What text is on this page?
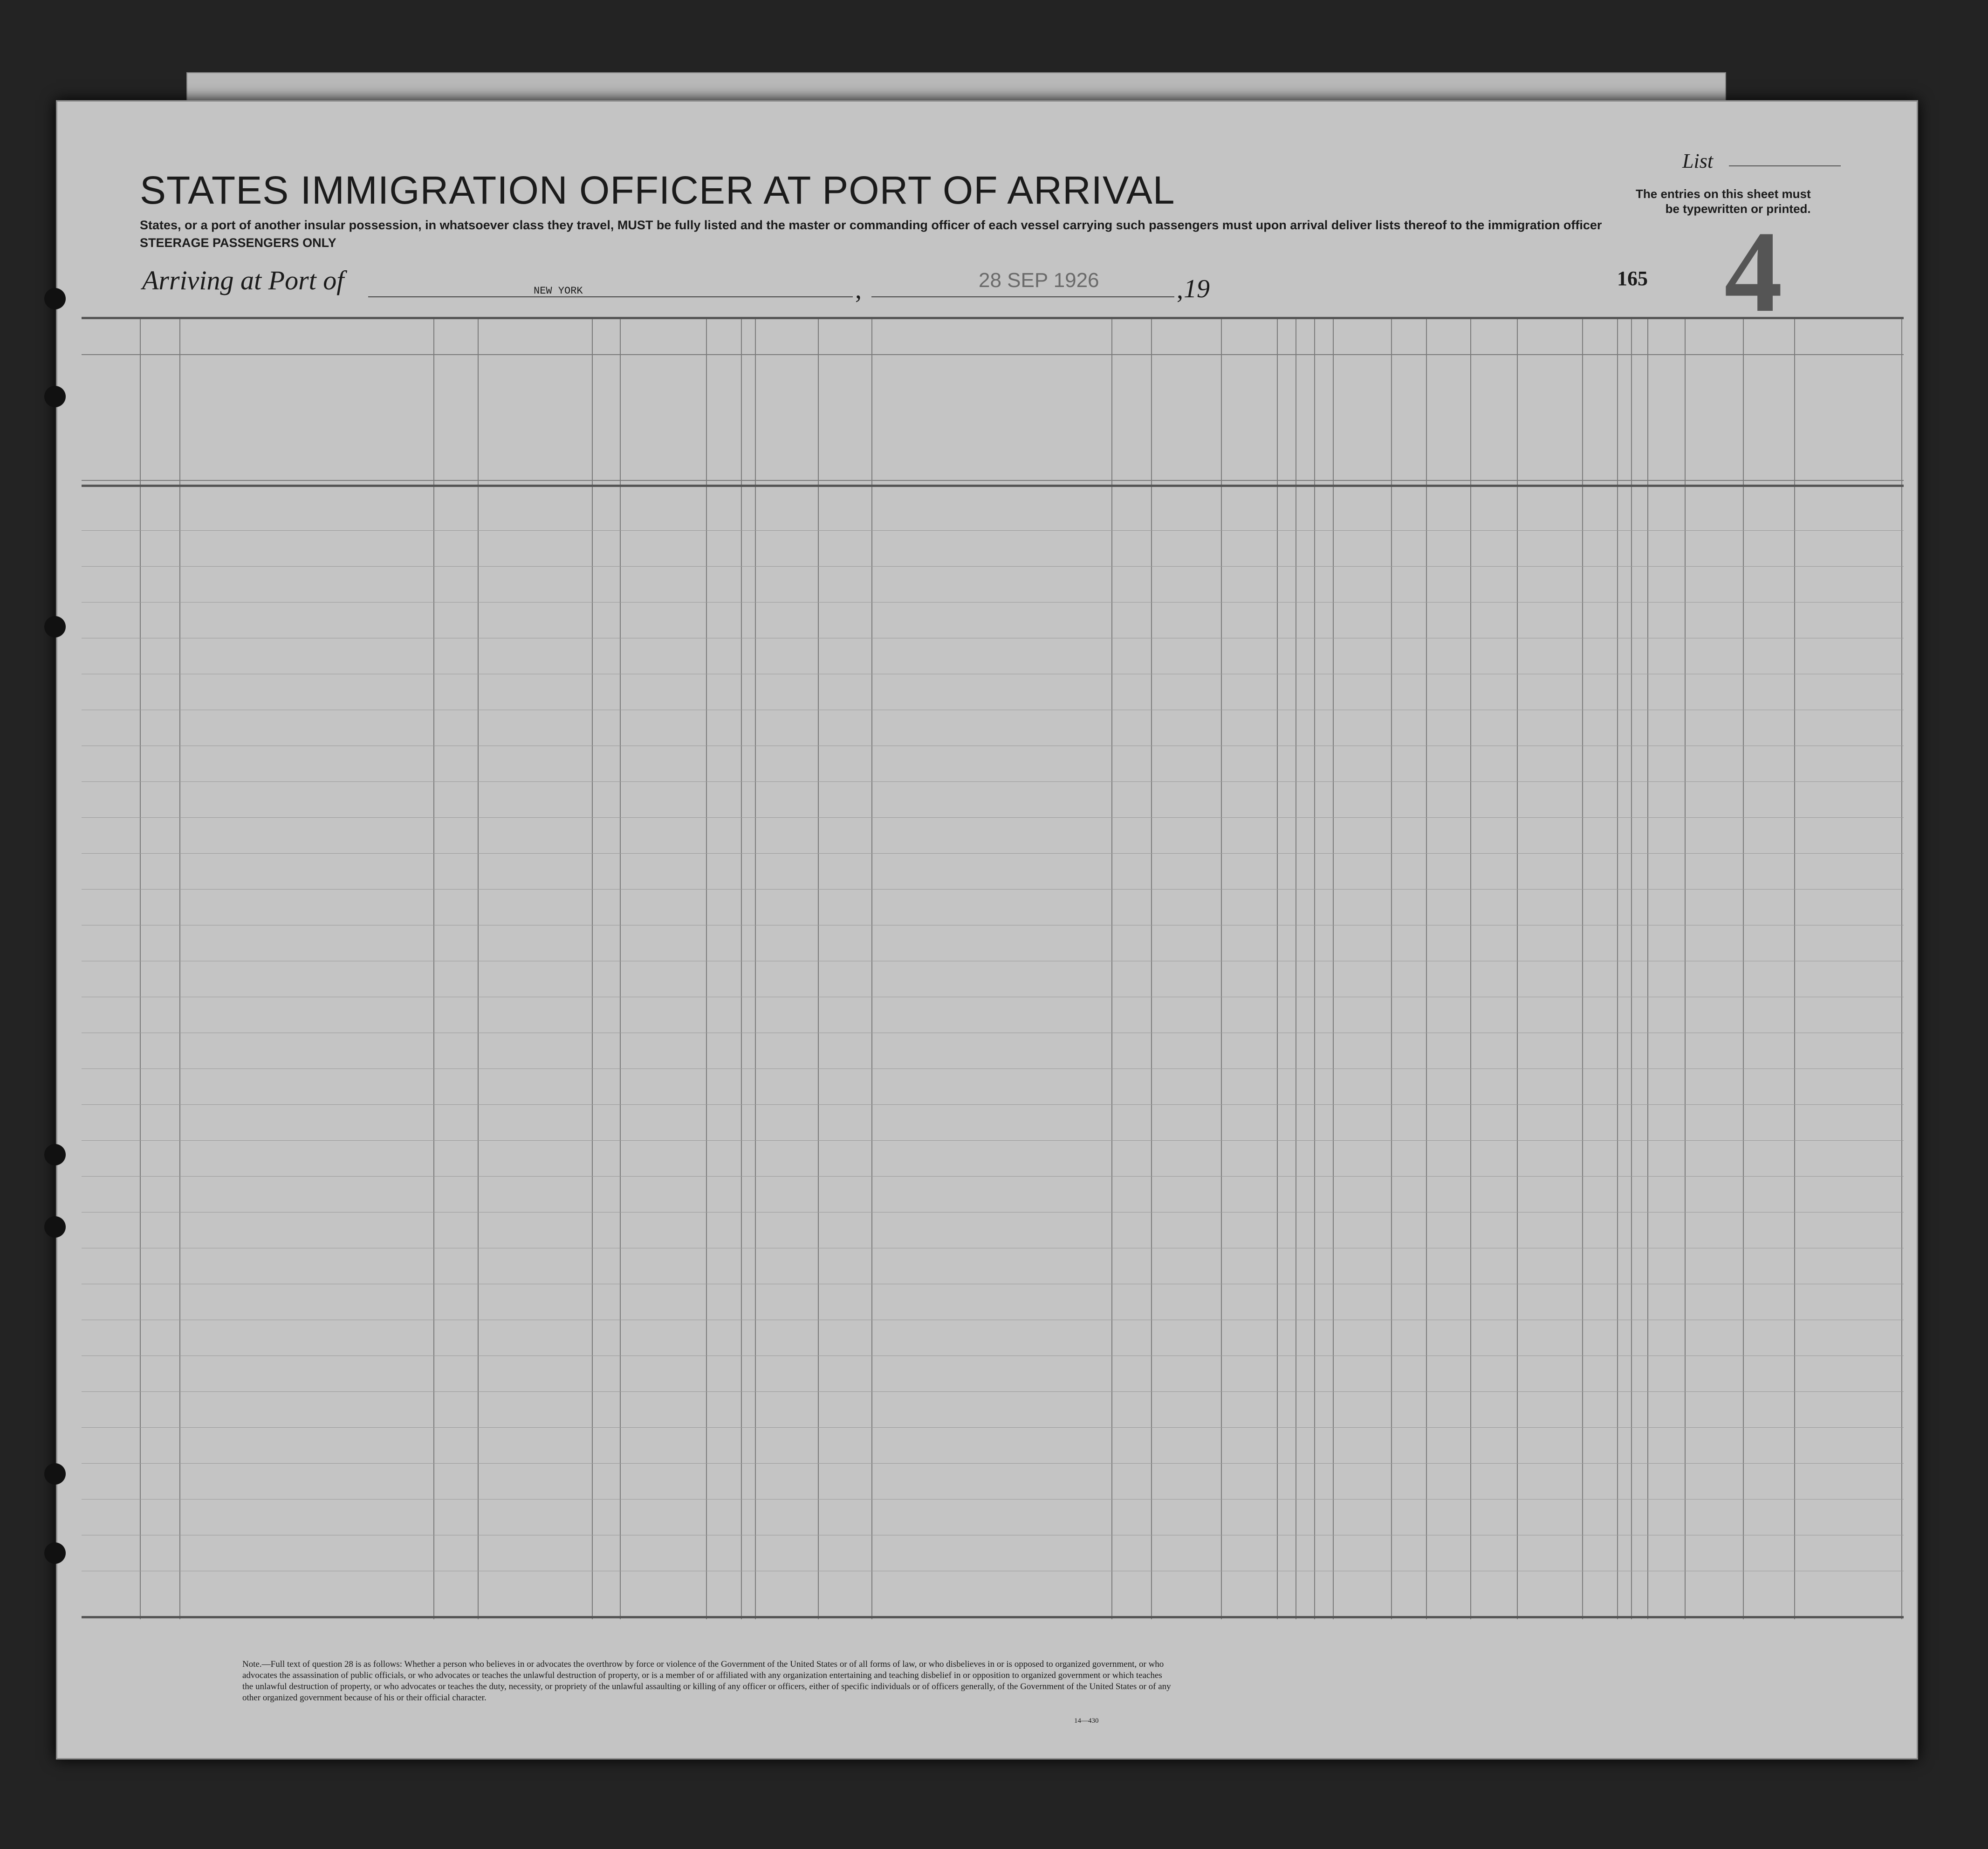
STATES IMMIGRATION OFFICER AT PORT OF ARRIVAL
States, or a port of another insular possession, in whatsoever class they travel, MUST be fully listed and the master or commanding officer of each vessel carrying such passengers must upon arrival deliver lists thereof to the immigration officer
STEERAGE PASSENGERS ONLY
List
The entries on this sheet must
be typewritten or printed.
4
165
Arriving at Port of	NEW YORK	,	28 SEP 1926	, 19
Note.—Full text of question 28 is as follows: Whether a person who believes in or advocates the overthrow by force or violence of the Government of the United States or of all forms of law, or who disbelieves in or is opposed to organized government, or who advocates the assassination of public officials, or who advocates or teaches the unlawful destruction of property, or is a member of or affiliated with any organization entertaining and teaching disbelief in or opposition to organized government or which teaches the unlawful destruction of property, or who advocates or teaches the duty, necessity, or propriety of the unlawful assaulting or killing of any officer or officers, either of specific individuals or of officers generally, of the Government of the United States or of any other organized government because of his or their official character.
14—430
